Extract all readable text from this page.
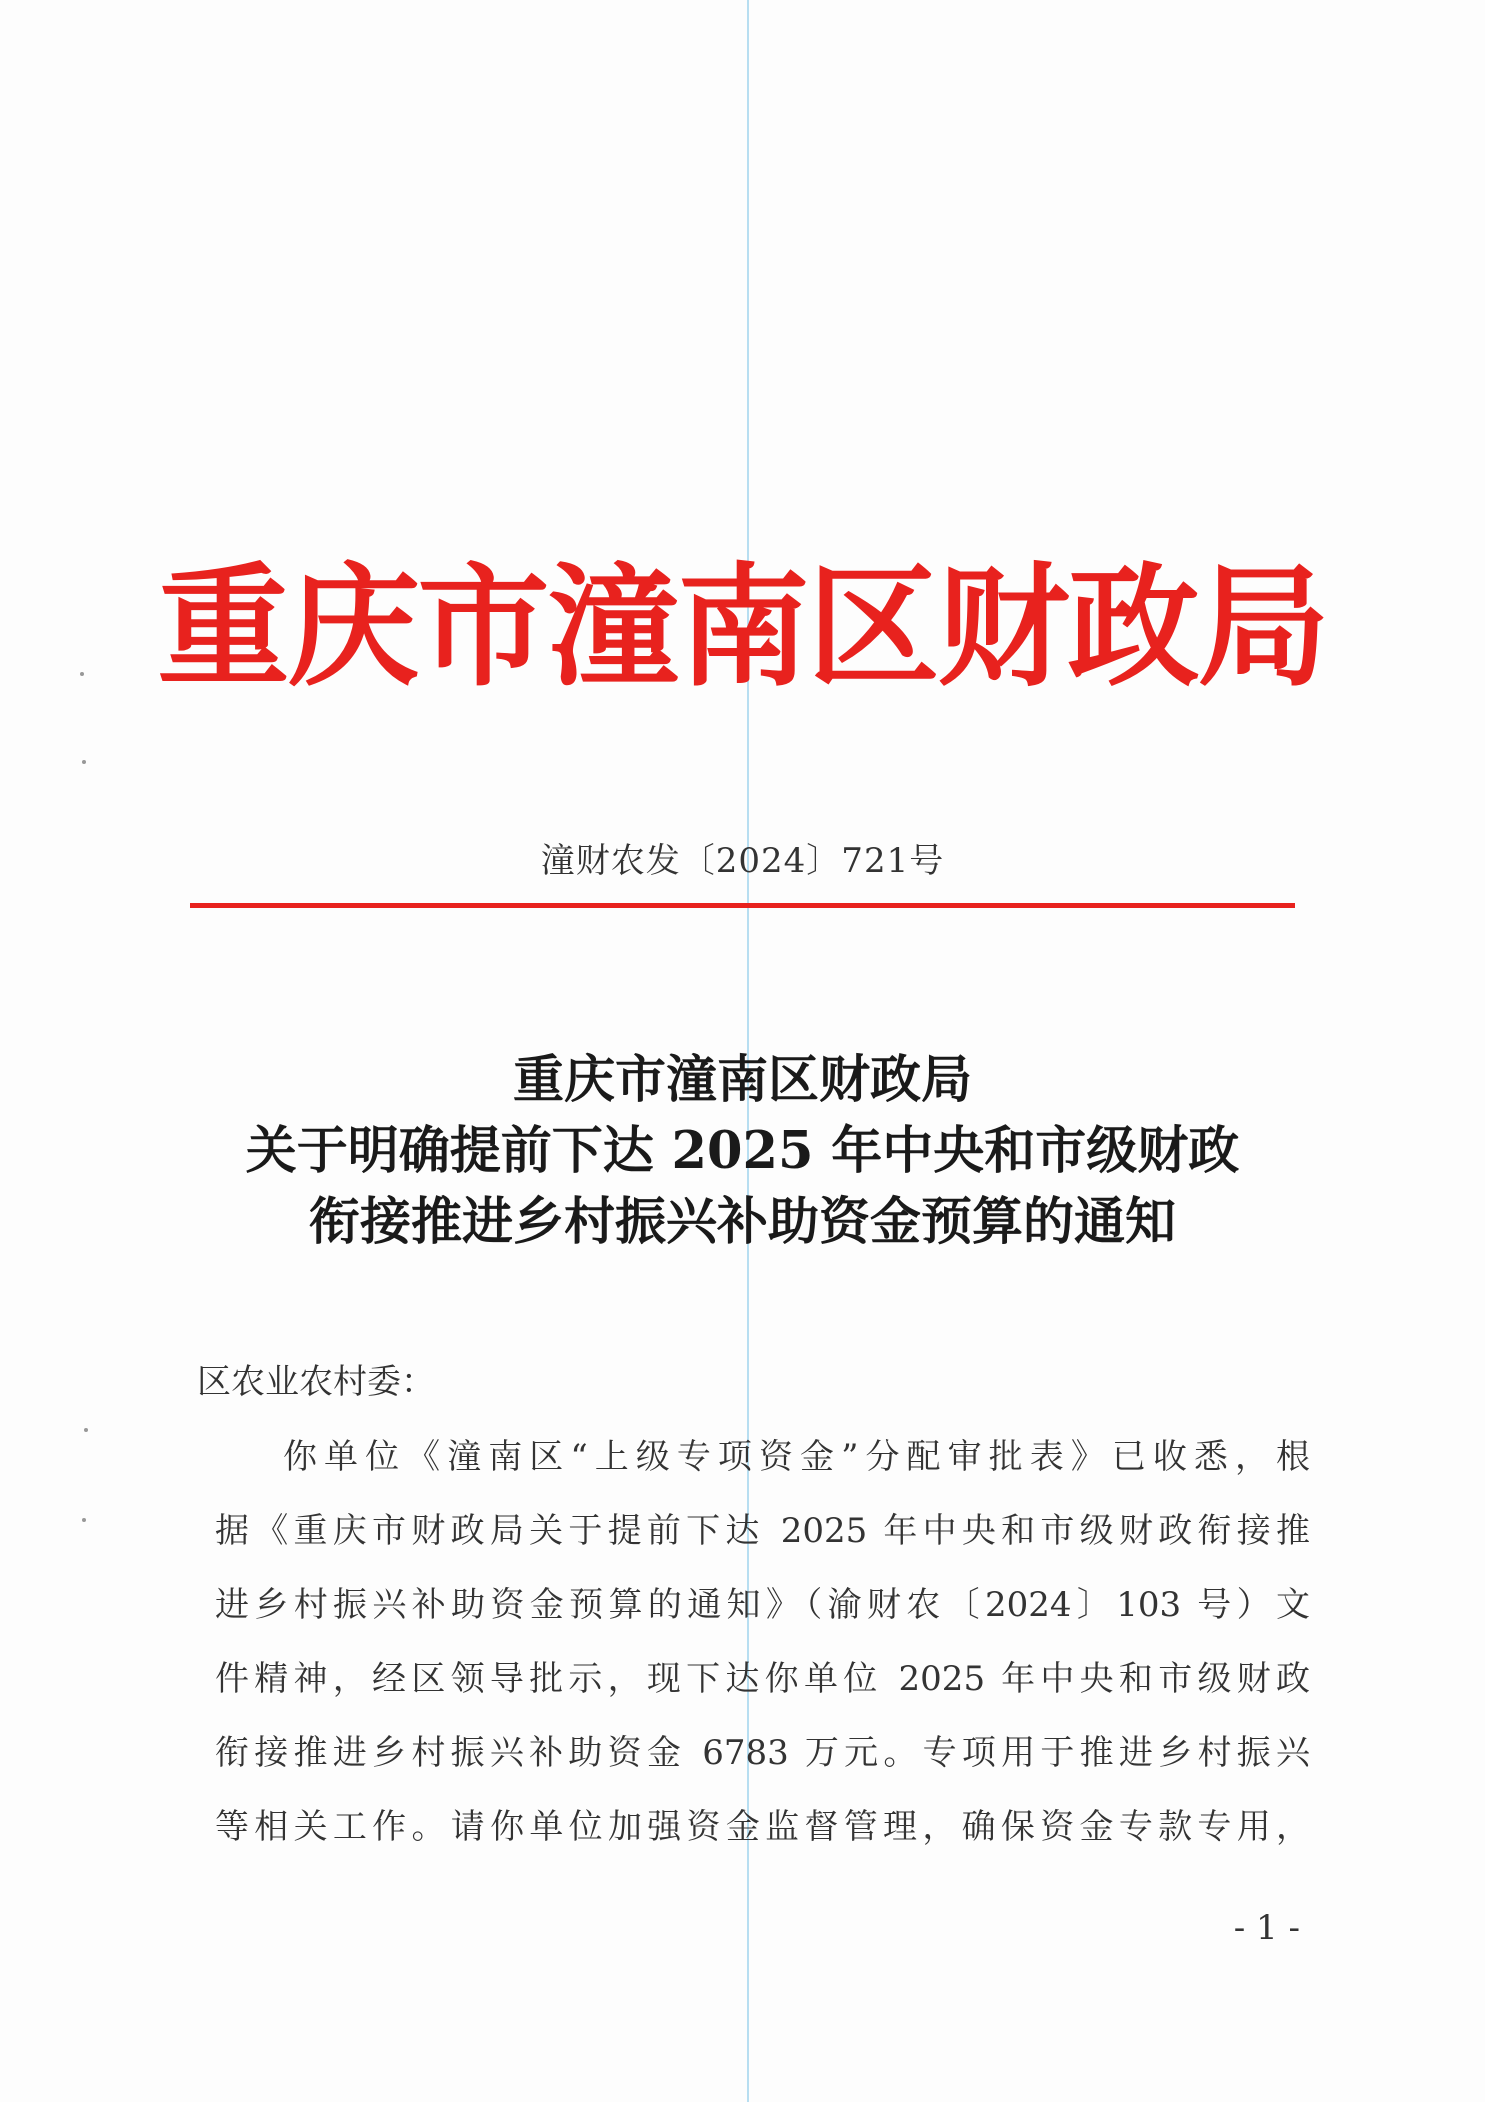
重庆市潼南区财政局
潼财农发〔2024〕721号
重庆市潼南区财政局
关于明确提前下达 2025 年中央和市级财政
衔接推进乡村振兴补助资金预算的通知
区农业农村委：
你单位《潼南区“上级专项资金”分配审批表》已收悉，根
据《重庆市财政局关于提前下达 2025 年中央和市级财政衔接推
进乡村振兴补助资金预算的通知》（渝财农〔2024〕103 号）文
件精神，经区领导批示，现下达你单位 2025 年中央和市级财政
衔接推进乡村振兴补助资金 6783 万元。专项用于推进乡村振兴
等相关工作。请你单位加强资金监督管理，确保资金专款专用，
- 1 -
